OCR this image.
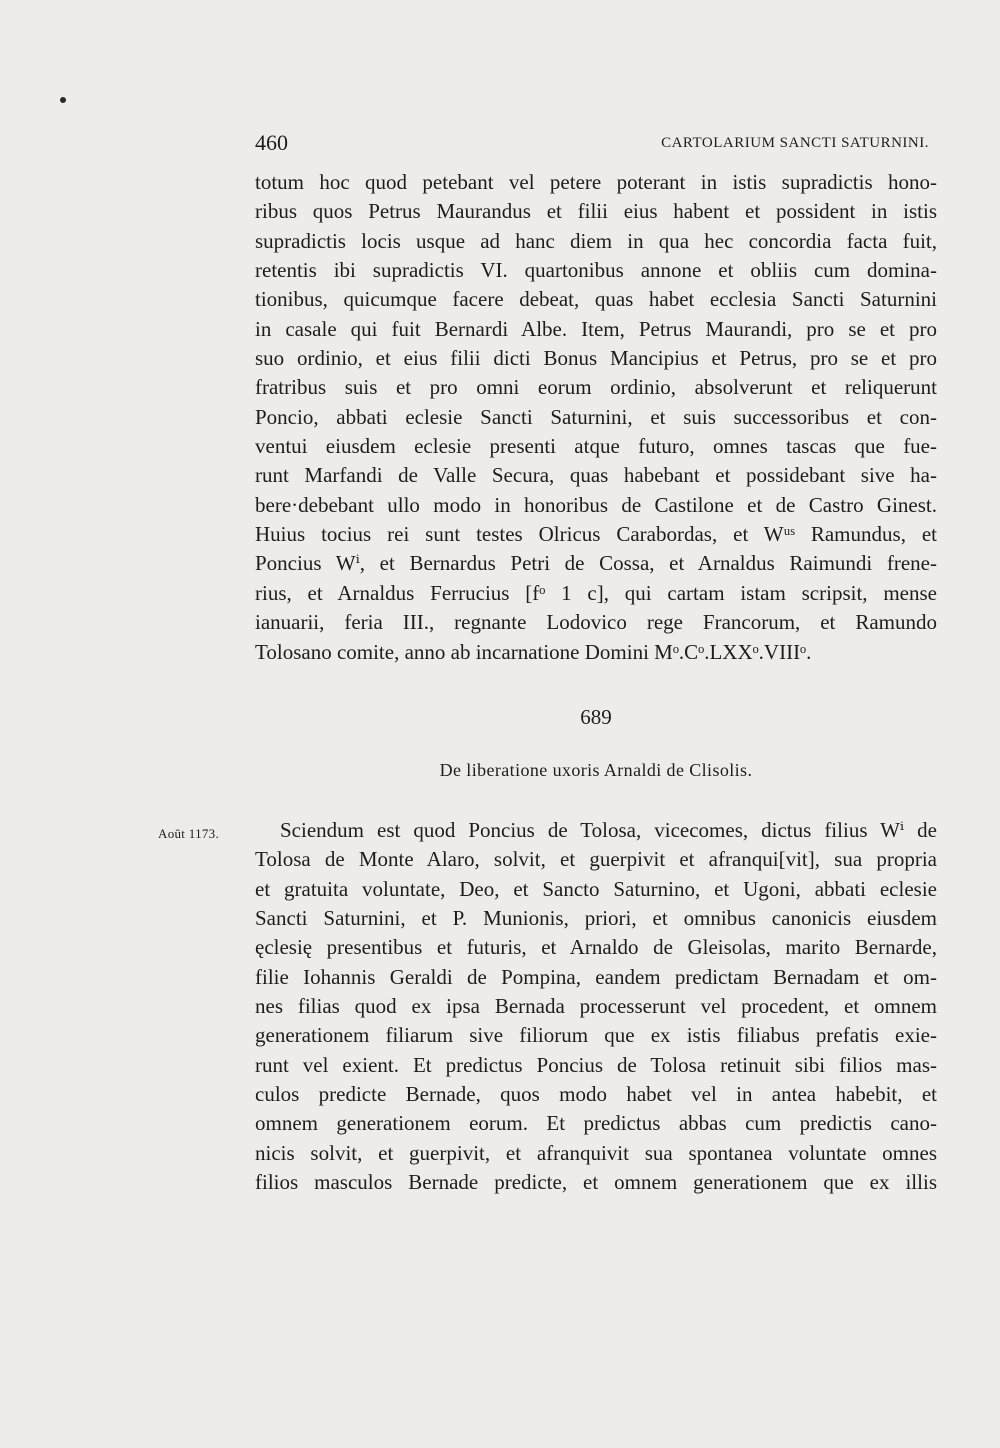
460	CARTOLARIUM SANCTI SATURNINI.
totum hoc quod petebant vel petere poterant in istis supradictis hono-
ribus quos Petrus Maurandus et filii eius habent et possident in istis
supradictis locis usque ad hanc diem in qua hec concordia facta fuit,
retentis ibi supradictis VI. quartonibus annone et obliis cum domina-
tionibus, quicumque facere debeat, quas habet ecclesia Sancti Saturnini
in casale qui fuit Bernardi Albe. Item, Petrus Maurandi, pro se et pro
suo ordinio, et eius filii dicti Bonus Mancipius et Petrus, pro se et pro
fratribus suis et pro omni eorum ordinio, absolverunt et reliquerunt
Poncio, abbati eclesie Sancti Saturnini, et suis successoribus et con-
ventui eiusdem eclesie presenti atque futuro, omnes tascas que fue-
runt Marfandi de Valle Secura, quas habebant et possidebant sive ha-
bere·debebant ullo modo in honoribus de Castilone et de Castro Ginest.
Huius tocius rei sunt testes Olricus Carabordas, et Wᵘˢ Ramundus, et
Poncius Wⁱ, et Bernardus Petri de Cossa, et Arnaldus Raimundi frene-
rius, et Arnaldus Ferrucius [fᵒ 1 c], qui cartam istam scripsit, mense
ianuarii, feria III., regnante Lodovico rege Francorum, et Ramundo
Tolosano comite, anno ab incarnatione Domini Mᵒ.Cᵒ.LXXᵒ.VIIIᵒ.
689
De liberatione uxoris Arnaldi de Clisolis.
Août 1173.	Sciendum est quod Poncius de Tolosa, vicecomes, dictus filius Wⁱ de
Tolosa de Monte Alaro, solvit, et guerpivit et afranqui[vit], sua propria
et gratuita voluntate, Deo, et Sancto Saturnino, et Ugoni, abbati eclesie
Sancti Saturnini, et P. Munionis, priori, et omnibus canonicis eiusdem
ęclesię presentibus et futuris, et Arnaldo de Gleisolas, marito Bernarde,
filie Iohannis Geraldi de Pompina, eandem predictam Bernadam et om-
nes filias quod ex ipsa Bernada processerunt vel procedent, et omnem
generationem filiarum sive filiorum que ex istis filiabus prefatis exie-
runt vel exient. Et predictus Poncius de Tolosa retinuit sibi filios mas-
culos predicte Bernade, quos modo habet vel in antea habebit, et
omnem generationem eorum. Et predictus abbas cum predictis cano-
nicis solvit, et guerpivit, et afranquivit sua spontanea voluntate omnes
filios masculos Bernade predicte, et omnem generationem que ex illis
